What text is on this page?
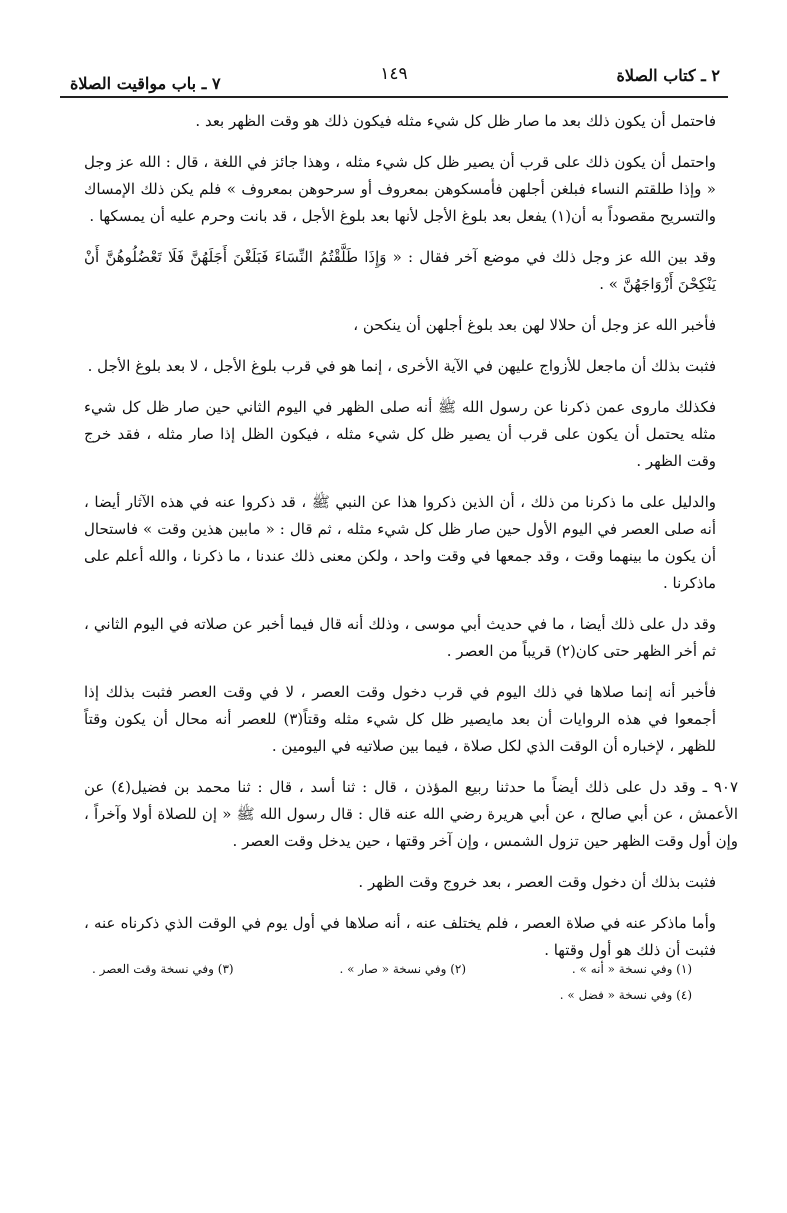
٢ ـ كتاب الصلاة
١٤٩
٧ ـ باب مواقيت الصلاة

فاحتمل أن يكون ذلك بعد ما صار ظل كل شيء مثله فيكون ذلك هو وقت الظهر بعد .

واحتمل أن يكون ذلك على قرب أن يصير ظل كل شيء مثله ، وهذا جائز في اللغة ، قال : الله عز وجل « وإذا طلقتم النساء فبلغن أجلهن فأمسكوهن بمعروف أو سرحوهن بمعروف » فلم يكن ذلك الإمساك والتسريح مقصوداً به أن(١) يفعل بعد بلوغ الأجل لأنها بعد بلوغ الأجل ، قد بانت وحرم عليه أن يمسكها .

وقد بين الله عز وجل ذلك في موضع آخر فقال : « وَإِذَا طَلَّقْتُمُ النِّسَاءَ فَبَلَغْنَ أَجَلَهُنَّ فَلَا تَعْضُلُوهُنَّ أَنْ يَنْكِحْنَ أَزْوَاجَهُنَّ » .

فأخبر الله عز وجل أن حلالا لهن بعد بلوغ أجلهن أن ينكحن ،

فثبت بذلك أن ماجعل للأزواج عليهن في الآية الأخرى ، إنما هو في قرب بلوغ الأجل ، لا بعد بلوغ الأجل .

فكذلك ماروى عمن ذكرنا عن رسول الله ﷺ أنه صلى الظهر في اليوم الثاني حين صار ظل كل شيء مثله يحتمل أن يكون على قرب أن يصير ظل كل شيء مثله ، فيكون الظل إذا صار مثله ، فقد خرج وقت الظهر .

والدليل على ما ذكرنا من ذلك ، أن الذين ذكروا هذا عن النبي ﷺ ، قد ذكروا عنه في هذه الآثار أيضا ، أنه صلى العصر في اليوم الأول حين صار ظل كل شيء مثله ، ثم قال : « مابين هذين وقت » فاستحال أن يكون ما بينهما وقت ، وقد جمعها في وقت واحد ، ولكن معنى ذلك عندنا ، ما ذكرنا ، والله أعلم على ماذكرنا .

وقد دل على ذلك أيضا ، ما في حديث أبي موسى ، وذلك أنه قال فيما أخبر عن صلاته في اليوم الثاني ، ثم أخر الظهر حتى كان(٢) قريباً من العصر .

فأخبر أنه إنما صلاها في ذلك اليوم في قرب دخول وقت العصر ، لا في وقت العصر فثبت بذلك إذا أجمعوا في هذه الروايات أن بعد مايصير ظل كل شيء مثله وقتاً(٣) للعصر أنه محال أن يكون وقتاً للظهر ، لإخباره أن الوقت الذي لكل صلاة ، فيما بين صلاتيه في اليومين .

٩٠٧ ـ وقد دل على ذلك أيضاً ما حدثنا ربيع المؤذن ، قال : ثنا أسد ، قال : ثنا محمد بن فضيل(٤) عن الأعمش ، عن أبي صالح ، عن أبي هريرة رضي الله عنه قال : قال رسول الله ﷺ « إن للصلاة أولا وآخراً ، وإن أول وقت الظهر حين تزول الشمس ، وإن آخر وقتها ، حين يدخل وقت العصر .

فثبت بذلك أن دخول وقت العصر ، بعد خروج وقت الظهر .

وأما ماذكر عنه في صلاة العصر ، فلم يختلف عنه ، أنه صلاها في أول يوم في الوقت الذي ذكرناه عنه ، فثبت أن ذلك هو أول وقتها .

(١) وفي نسخة « أنه » .
(٢) وفي نسخة « صار » .
(٣) وفي نسخة وقت العصر .
(٤) وفي نسخة « فضل » .
